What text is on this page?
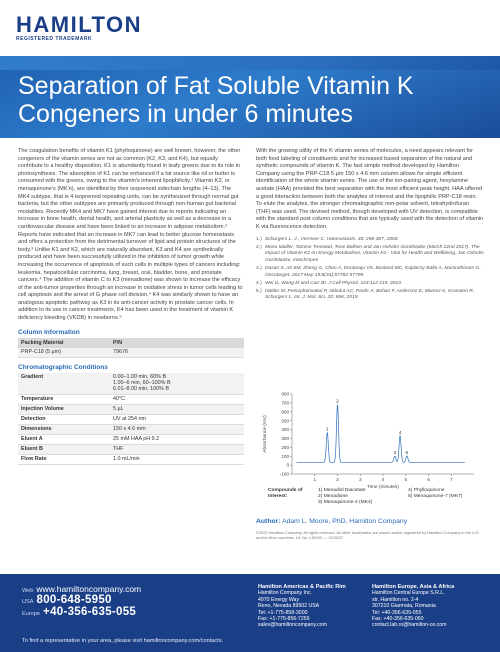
HAMILTON
REGISTERED TRADEMARK
Separation of Fat Soluble Vitamin K Congeners in under 6 minutes

The coagulation benefits of vitamin K1 (phylloquinone) are well known, however, the other congeners of the vitamin series are not as common (K2, K3, and K4), but equally contribute to a healthy disposition. K1 is abundantly found in leafy greens due to its role in photosynthesis. The absorption of K1 can be enhanced if a fat source like oil or butter is consumed with the greens, owing to the vitamin's inherent lipophilicity.¹ Vitamin K2, or menaquinone's (MK'n), are identified by their isoprenoid sidechain lengths (4–13). The MK4 subtype, that is 4 isoprenoid repeating units, can be synthesized through normal gut bacteria, but the other subtypes are primarily produced through non-human gut bacterial modalities. Recently MK4 and MK7 have gained interest due to reports indicating an increase in bone health, dental health, and arterial plasticity as well as a decrease in a cardiovascular disease and have been linked to an increase in adipose metabolism.² Reports have indicated that an increase in MK7 can lead to better glucose homeostasis and offers a protection from the detrimental turnover of lipid and protein structures of the body.³ Unlike K1 and K2, which are naturally abundant, K3 and K4 are synthetically produced and have been successfully utilized in the inhibition of tumor growth while increasing the occurrence of apoptosis of such cells in multiple types of cancers including: leukemia, hepatocellular carcinoma, lung, breast, oral, bladder, bone, and prostate cancers.⁴ The addition of vitamin C to K3 (menadione) was shown to increase the efficacy of the anti-tumor properties through an increase in oxidative stress in tumor cells leading to cell apoptosis and the arrest of G phase cell division.⁴ K4 was similarly shown to have an analogous apoptotic pathway as K3 in its anti-cancer activity in prostate cancer cells. In addition to its use in cancer treatments, K4 has been used in the treatment of vitamin K deficiency bleeding (VKDB) in newborns.⁵

Column Information
Packing Material	P/N
PRP-C18 (5 µm)	79676
Chromatographic Conditions
Gradient	0.00–1.00 min, 60% B
1.00–6 min, 60–100% B
6.01–8.00 min, 100% B
Temperature	40°C
Injection Volume	5 µL
Detection	UV at 254 nm
Dimensions	150 x 4.6 mm
Eluent A	25 mM HAA pH 9.2
Eluent B	THF
Flow Rate	1.0 mL/min

With the growing utility of the K vitamin series of molecules, a need appears relevant for both food labeling of constituents and for increased based separation of the natural and synthetic compounds of vitamin K. The fast simple method developed by Hamilton Company using the PRP-C18 5 µm 150 x 4.6 mm column allows for simple efficient identification of the whole vitamin series. The use of the ion-pairing agent, hexylamine acetate (HAA) provided the best separation with the most efficient peak height. HAA offered a good interaction between both the analytes of interest and the lipophilic PRP-C18 resin. To elute the analytes, the stronger chromatographic non-polar solvent, tetrahydrofuran (THF) was used. The devised method, though developed with UV detection, is compatible with the standard post column conditions that are typically used with the detection of vitamin K via fluorescence detection.

1.) Schurgers L. J., Vermeer C. Haemostasis. 30: 298-307, 2000.
2.) Mona Mailler, Tamme Trenstad, Tone Bathen and Jan Oxholm Gordeladze (March 22nd 2017). The Impact of Vitamin K2 on Energy Metabolism, Vitamin K2 - Vital for Health and Wellbeing, Jan Oxholm Gordeladze, IntechOpen
3.) Dasari S, Ali SM, Zheng G, Chen A, Dontaraju VS, Bosland MC, Kajdacsy-Balla A, Munirathinam G. . Oncotarget. 2017 May 19;8(34):57782-57799.
4.) Wei G, Wang M and Carr BI. J Cell Physiol. 224:112-119, 2010.
5.) Halder M, Petsophonsakul P, Akbulut AC, Pavlic A, Bohan F, Anderson E, Maresz K, Kramann R, Schurgers L. Int. J. Mol. Sci. 20: 896, 2019.
-100
0
100
200
300
400
500
600
700
800
1	2	3	4	5	6	7
Absorbance (mV)
Time (minutes)
1
2
3
4
5
Compounds of Interest:
1) Menadiol Diacetate
2) Menadione
3) Menaquinone-4 (MK4)
4) Phylloquinone
5) Menaquinone-7 (MK7)
Author: Adam L. Moore, PhD, Hamilton Company
©2023 Hamilton Company. All rights reserved. All other trademarks are owned and/or registered by Hamilton Company in the U.S. and/or other countries. Lit. No. L80100 — 02/2023
Web www.hamiltoncompany.com
USA 800-648-5950
Europe +40-356-635-055
To find a representative in your area, please visit hamiltoncompany.com/contacts.
Hamilton Americas & Pacific Rim
Hamilton Company Inc.
4970 Energy Way
Reno, Nevada 89502 USA
Tel: +1-775-858-3000
Fax: +1-775-856-7259
sales@hamiltoncompany.com
Hamilton Europe, Asia & Africa
Hamilton Central Europe S.R.L.
str. Hamilton no. 2-4
307210 Giarmata, Romania
Tel: +40-356-635-055
Fax: +40-356-635-060
contact.lab.ro@hamilton-ce.com
